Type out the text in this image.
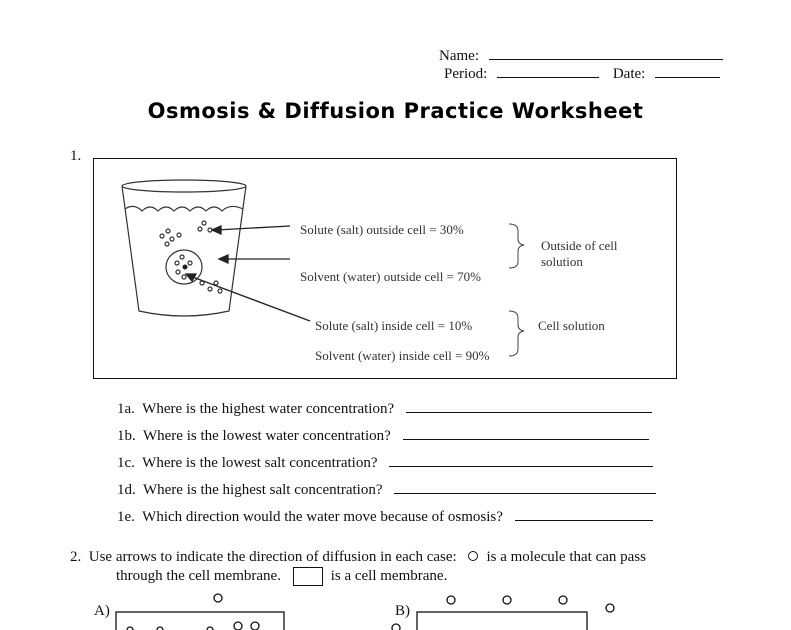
Name:
Period:	Date:
Osmosis & Diffusion Practice Worksheet
1.
Solute (salt) outside cell = 30%
Solvent (water) outside cell = 70%
Outside of cell
solution
Solute (salt) inside cell = 10%
Solvent (water) inside cell = 90%
Cell solution
1a. Where is the highest water concentration?
1b. Where is the lowest water concentration?
1c. Where is the lowest salt concentration?
1d. Where is the highest salt concentration?
1e. Which direction would the water move because of osmosis?
2. Use arrows to indicate the direction of diffusion in each case: is a molecule that can pass
through the cell membrane.	is a cell membrane.
A)	B)
